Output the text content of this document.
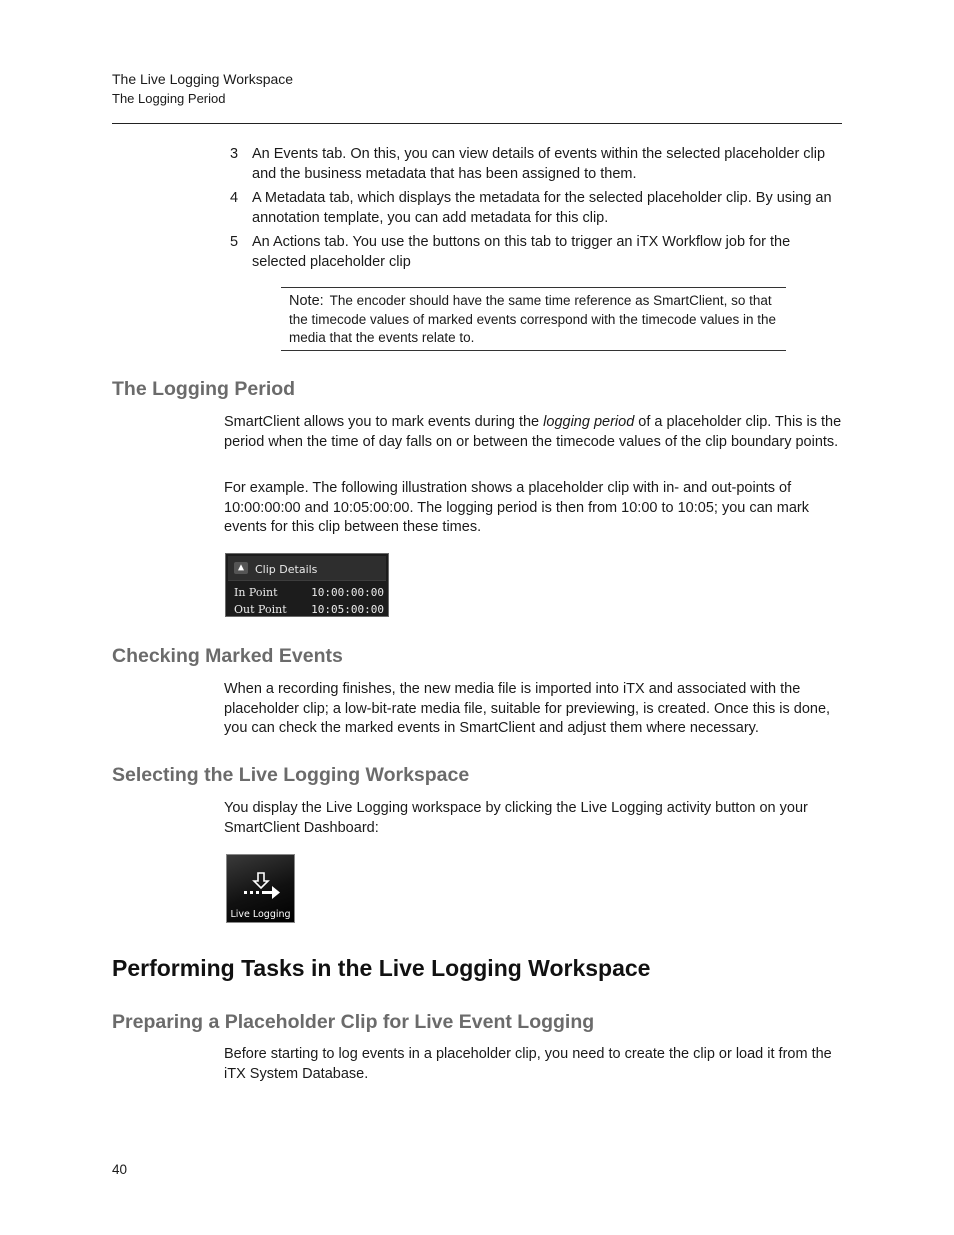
The Live Logging Workspace
The Logging Period
3 An Events tab. On this, you can view details of events within the selected placeholder clip and the business metadata that has been assigned to them.
4 A Metadata tab, which displays the metadata for the selected placeholder clip. By using an annotation template, you can add metadata for this clip.
5 An Actions tab. You use the buttons on this tab to trigger an iTX Workflow job for the selected placeholder clip
Note: The encoder should have the same time reference as SmartClient, so that the timecode values of marked events correspond with the timecode values in the media that the events relate to.
The Logging Period

SmartClient allows you to mark events during the logging period of a placeholder clip. This is the period when the time of day falls on or between the timecode values of the clip boundary points.

For example. The following illustration shows a placeholder clip with in- and out-points of 10:00:00:00 and 10:05:00:00. The logging period is then from 10:00 to 10:05; you can mark events for this clip between these times.

▲ Clip Details
In Point	10:00:00:00
Out Point 10:05:00:00
Checking Marked Events

When a recording finishes, the new media file is imported into iTX and associated with the placeholder clip; a low-bit-rate media file, suitable for previewing, is created. Once this is done, you can check the marked events in SmartClient and adjust them where necessary.

Selecting the Live Logging Workspace

You display the Live Logging workspace by clicking the Live Logging activity button on your SmartClient Dashboard:

Live Logging
Performing Tasks in the Live Logging Workspace
Preparing a Placeholder Clip for Live Event Logging

Before starting to log events in a placeholder clip, you need to create the clip or load it from the iTX System Database.

40
